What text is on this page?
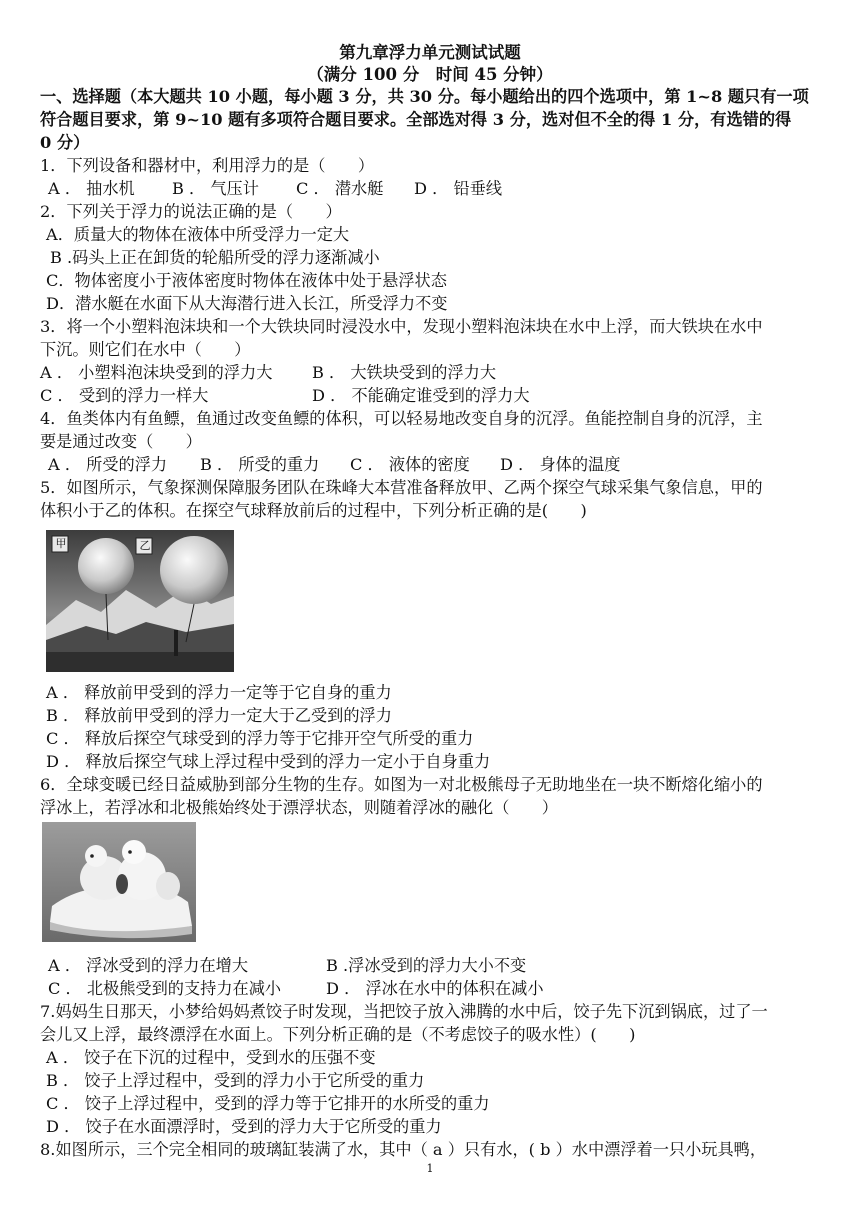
第九章浮力单元测试试题
（满分 100 分　时间 45 分钟）
一、选择题（本大题共 10 小题，每小题 3 分，共 30 分。每小题给出的四个选项中，第 1~8 题只有一项
符合题目要求，第 9~10 题有多项符合题目要求。全部选对得 3 分，选对但不全的得 1 分，有选错的得
0 分）
1．下列设备和器材中，利用浮力的是（　　）
A ． 抽水机 B ． 气压计 C ． 潜水艇 D ． 铅垂线
2．下列关于浮力的说法正确的是（　　）
A．质量大的物体在液体中所受浮力一定大
B .码头上正在卸货的轮船所受的浮力逐渐减小
C．物体密度小于液体密度时物体在液体中处于悬浮状态
D．潜水艇在水面下从大海潜行进入长江，所受浮力不变
3．将一个小塑料泡沫块和一个大铁块同时浸没水中，发现小塑料泡沫块在水中上浮，而大铁块在水中
下沉。则它们在水中（　　）
A ． 小塑料泡沫块受到的浮力大 B ． 大铁块受到的浮力大
C ． 受到的浮力一样大	D ． 不能确定谁受到的浮力大
4．鱼类体内有鱼鳔，鱼通过改变鱼鳔的体积，可以轻易地改变自身的沉浮。鱼能控制自身的沉浮，主
要是通过改变（　　）
A ． 所受的浮力 B ． 所受的重力 C ． 液体的密度 D ． 身体的温度
5．如图所示，气象探测保障服务团队在珠峰大本营准备释放甲、乙两个探空气球采集气象信息，甲的
体积小于乙的体积。在探空气球释放前后的过程中，下列分析正确的是(　　)
甲	乙
A ． 释放前甲受到的浮力一定等于它自身的重力
B ． 释放前甲受到的浮力一定大于乙受到的浮力
C ． 释放后探空气球受到的浮力等于它排开空气所受的重力
D ． 释放后探空气球上浮过程中受到的浮力一定小于自身重力
6．全球变暖已经日益威胁到部分生物的生存。如图为一对北极熊母子无助地坐在一块不断熔化缩小的
浮冰上，若浮冰和北极熊始终处于漂浮状态，则随着浮冰的融化（　　）
A ． 浮冰受到的浮力在增大	B .浮冰受到的浮力大小不变
C ． 北极熊受到的支持力在减小	D ． 浮冰在水中的体积在减小
7.妈妈生日那天，小梦给妈妈煮饺子时发现，当把饺子放入沸腾的水中后，饺子先下沉到锅底，过了一
会儿又上浮，最终漂浮在水面上。下列分析正确的是（不考虑饺子的吸水性）(　　)
A ． 饺子在下沉的过程中，受到水的压强不变
B ． 饺子上浮过程中，受到的浮力小于它所受的重力
C ． 饺子上浮过程中，受到的浮力等于它排开的水所受的重力
D ． 饺子在水面漂浮时，受到的浮力大于它所受的重力
8.如图所示，三个完全相同的玻璃缸装满了水，其中（ a ）只有水，( b ）水中漂浮着一只小玩具鸭，
1
